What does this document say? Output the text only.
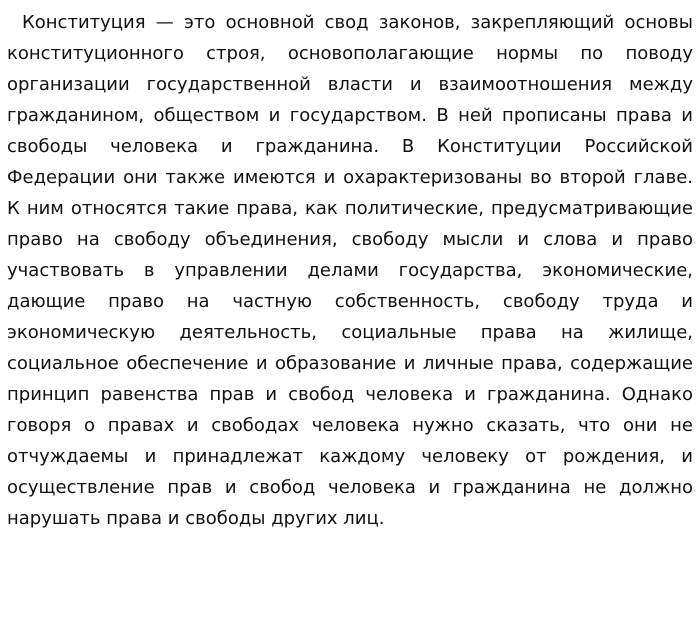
Конституция — это основной свод законов, закрепляющий основы конституционного строя, основополагающие нормы по поводу организации государственной власти и взаимоотношения между гражданином, обществом и государством. В ней прописаны права и свободы человека и гражданина. В Конституции Российской Федерации они также имеются и охарактеризованы во второй главе. К ним относятся такие права, как политические, предусматривающие право на свободу объединения, свободу мысли и слова и право участвовать в управлении делами государства, экономические, дающие право на частную собственность, свободу труда и экономическую деятельность, социальные права на жилище, социальное обеспечение и образование и личные права, содержащие принцип равенства прав и свобод человека и гражданина. Однако говоря о правах и свободах человека нужно сказать, что они не отчуждаемы и принадлежат каждому человеку от рождения, и осуществление прав и свобод человека и гражданина не должно нарушать права и свободы других лиц.
